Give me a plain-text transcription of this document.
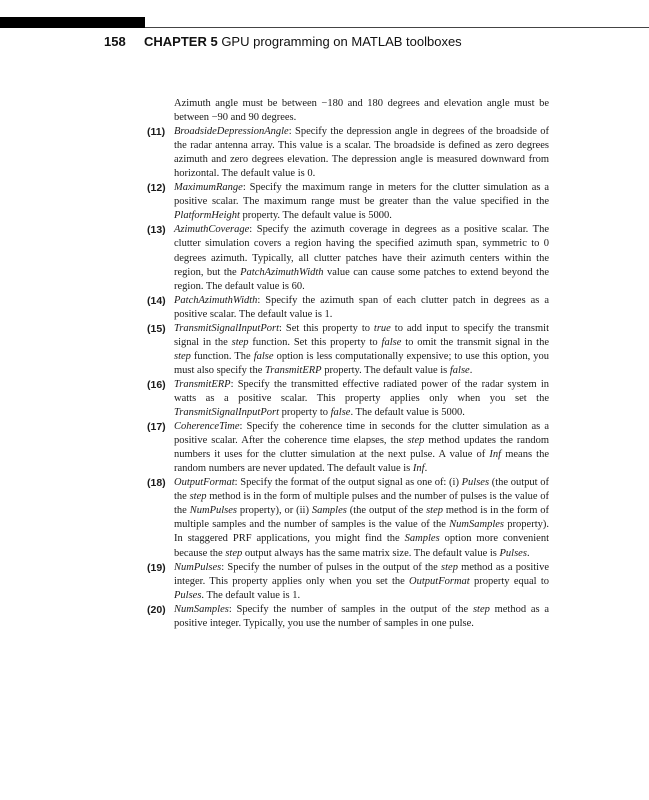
158 CHAPTER 5 GPU programming on MATLAB toolboxes

Azimuth angle must be between −180 and 180 degrees and elevation angle must be between −90 and 90 degrees.

(11) BroadsideDepressionAngle: Specify the depression angle in degrees of the broadside of the radar antenna array. This value is a scalar. The broadside is defined as zero degrees azimuth and zero degrees elevation. The depression angle is measured downward from horizontal. The default value is 0.

(12) MaximumRange: Specify the maximum range in meters for the clutter simulation as a positive scalar. The maximum range must be greater than the value specified in the PlatformHeight property. The default value is 5000.

(13) AzimuthCoverage: Specify the azimuth coverage in degrees as a positive scalar. The clutter simulation covers a region having the specified azimuth span, symmetric to 0 degrees azimuth. Typically, all clutter patches have their azimuth centers within the region, but the PatchAzimuthWidth value can cause some patches to extend beyond the region. The default value is 60.

(14) PatchAzimuthWidth: Specify the azimuth span of each clutter patch in degrees as a positive scalar. The default value is 1.

(15) TransmitSignalInputPort: Set this property to true to add input to specify the transmit signal in the step function. Set this property to false to omit the transmit signal in the step function. The false option is less computationally expensive; to use this option, you must also specify the TransmitERP property. The default value is false.

(16) TransmitERP: Specify the transmitted effective radiated power of the radar system in watts as a positive scalar. This property applies only when you set the TransmitSignalInputPort property to false. The default value is 5000.

(17) CoherenceTime: Specify the coherence time in seconds for the clutter simulation as a positive scalar. After the coherence time elapses, the step method updates the random numbers it uses for the clutter simulation at the next pulse. A value of Inf means the random numbers are never updated. The default value is Inf.

(18) OutputFormat: Specify the format of the output signal as one of: (i) Pulses (the output of the step method is in the form of multiple pulses and the number of pulses is the value of the NumPulses property), or (ii) Samples (the output of the step method is in the form of multiple samples and the number of samples is the value of the NumSamples property). In staggered PRF applications, you might find the Samples option more convenient because the step output always has the same matrix size. The default value is Pulses.

(19) NumPulses: Specify the number of pulses in the output of the step method as a positive integer. This property applies only when you set the OutputFormat property equal to Pulses. The default value is 1.

(20) NumSamples: Specify the number of samples in the output of the step method as a positive integer. Typically, you use the number of samples in one pulse.
